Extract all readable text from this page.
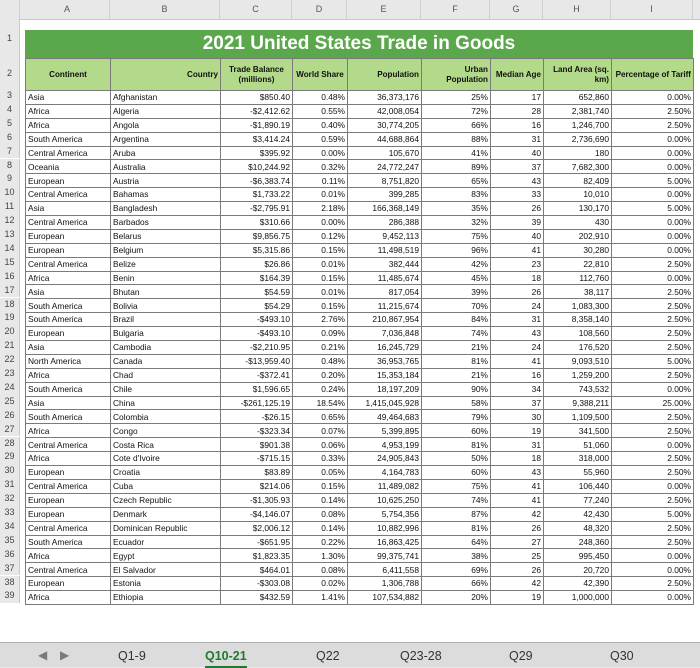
A	B	C	D	E	F	G	H	I
1
2
3
4
5
6
7
8
9
10
11
12
13
14
15
16
17
18
19
20
21
22
23
24
25
26
27
28
29
30
31
32
33
34
35
36
37
38
39
2021 United States Trade in Goods
Continent	Country	Trade Balance (millions)	World Share	Population	Urban Population	Median Age	Land Area (sq. km)	Percentage of Tariff
Asia	Afghanistan	$850.40	0.48%	36,373,176	25%	17	652,860	0.00%
Africa	Algeria	-$2,412.62	0.55%	42,008,054	72%	28	2,381,740	2.50%
Africa	Angola	-$1,890.19	0.40%	30,774,205	66%	16	1,246,700	2.50%
South America	Argentina	$3,414.24	0.59%	44,688,864	88%	31	2,736,690	0.00%
Central America	Aruba	$395.92	0.00%	105,670	41%	40	180	0.00%
Oceania	Australia	$10,244.92	0.32%	24,772,247	89%	37	7,682,300	0.00%
European	Austria	-$6,383.74	0.11%	8,751,820	65%	43	82,409	5.00%
Central America	Bahamas	$1,733.22	0.01%	399,285	83%	33	10,010	0.00%
Asia	Bangladesh	-$2,795.91	2.18%	166,368,149	35%	26	130,170	5.00%
Central America	Barbados	$310.66	0.00%	286,388	32%	39	430	0.00%
European	Belarus	$9,856.75	0.12%	9,452,113	75%	40	202,910	0.00%
European	Belgium	$5,315.86	0.15%	11,498,519	96%	41	30,280	0.00%
Central America	Belize	$26.86	0.01%	382,444	42%	23	22,810	2.50%
Africa	Benin	$164.39	0.15%	11,485,674	45%	18	112,760	0.00%
Asia	Bhutan	$54.59	0.01%	817,054	39%	26	38,117	2.50%
South America	Bolivia	$54.29	0.15%	11,215,674	70%	24	1,083,300	2.50%
South America	Brazil	-$493.10	2.76%	210,867,954	84%	31	8,358,140	2.50%
European	Bulgaria	-$493.10	0.09%	7,036,848	74%	43	108,560	2.50%
Asia	Cambodia	-$2,210.95	0.21%	16,245,729	21%	24	176,520	2.50%
North America	Canada	-$13,959.40	0.48%	36,953,765	81%	41	9,093,510	5.00%
Africa	Chad	-$372.41	0.20%	15,353,184	21%	16	1,259,200	2.50%
South America	Chile	$1,596.65	0.24%	18,197,209	90%	34	743,532	0.00%
Asia	China	-$261,125.19	18.54%	1,415,045,928	58%	37	9,388,211	25.00%
South America	Colombia	-$26.15	0.65%	49,464,683	79%	30	1,109,500	2.50%
Africa	Congo	-$323.34	0.07%	5,399,895	60%	19	341,500	2.50%
Central America	Costa Rica	$901.38	0.06%	4,953,199	81%	31	51,060	0.00%
Africa	Cote d'Ivoire	-$715.15	0.33%	24,905,843	50%	18	318,000	2.50%
European	Croatia	$83.89	0.05%	4,164,783	60%	43	55,960	2.50%
Central America	Cuba	$214.06	0.15%	11,489,082	75%	41	106,440	0.00%
European	Czech Republic	-$1,305.93	0.14%	10,625,250	74%	41	77,240	2.50%
European	Denmark	-$4,146.07	0.08%	5,754,356	87%	42	42,430	5.00%
Central America	Dominican Republic	$2,006.12	0.14%	10,882,996	81%	26	48,320	2.50%
South America	Ecuador	-$651.95	0.22%	16,863,425	64%	27	248,360	2.50%
Africa	Egypt	$1,823.35	1.30%	99,375,741	38%	25	995,450	0.00%
Central America	El Salvador	$464.01	0.08%	6,411,558	69%	26	20,720	0.00%
European	Estonia	-$303.08	0.02%	1,306,788	66%	42	42,390	2.50%
Africa	Ethiopia	$432.59	1.41%	107,534,882	20%	19	1,000,000	0.00%
◀ ▶	Q1-9	Q10-21	Q22	Q23-28	Q29	Q30
